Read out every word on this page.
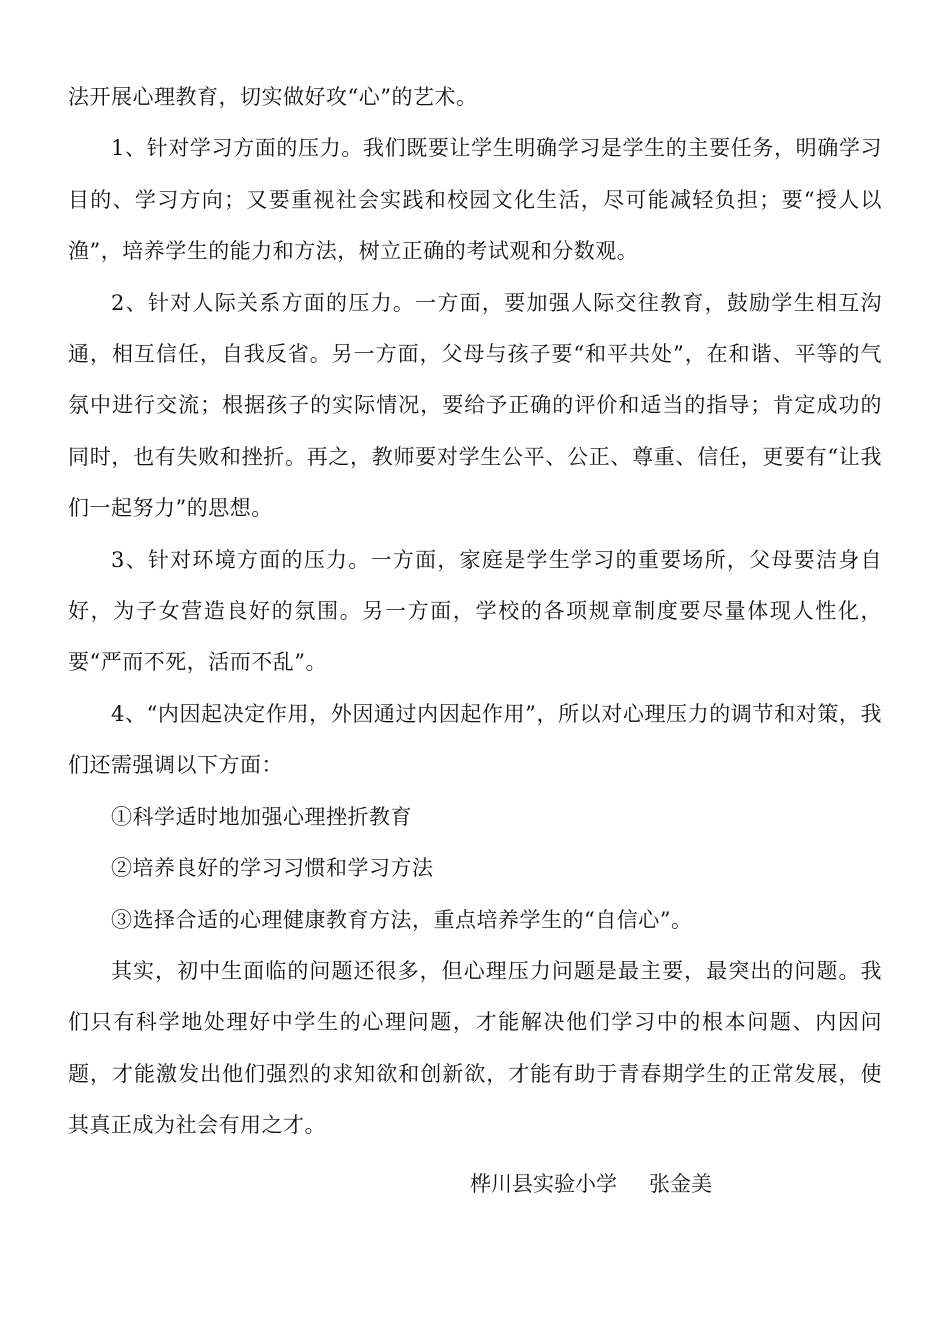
法开展心理教育，切实做好攻“心”的艺术。

1、针对学习方面的压力。我们既要让学生明确学习是学生的主要任务，明确学习目的、学习方向；又要重视社会实践和校园文化生活，尽可能减轻负担；要“授人以渔”，培养学生的能力和方法，树立正确的考试观和分数观。

2、针对人际关系方面的压力。一方面，要加强人际交往教育，鼓励学生相互沟通，相互信任，自我反省。另一方面，父母与孩子要“和平共处”，在和谐、平等的气氛中进行交流；根据孩子的实际情况，要给予正确的评价和适当的指导；肯定成功的同时，也有失败和挫折。再之，教师要对学生公平、公正、尊重、信任，更要有“让我们一起努力”的思想。

3、针对环境方面的压力。一方面，家庭是学生学习的重要场所，父母要洁身自好，为子女营造良好的氛围。另一方面，学校的各项规章制度要尽量体现人性化，要“严而不死，活而不乱”。

4、“内因起决定作用，外因通过内因起作用”，所以对心理压力的调节和对策，我们还需强调以下方面：

①科学适时地加强心理挫折教育

②培养良好的学习习惯和学习方法

③选择合适的心理健康教育方法，重点培养学生的“自信心”。

其实，初中生面临的问题还很多，但心理压力问题是最主要，最突出的问题。我们只有科学地处理好中学生的心理问题，才能解决他们学习中的根本问题、内因问题，才能激发出他们强烈的求知欲和创新欲，才能有助于青春期学生的正常发展，使其真正成为社会有用之才。

桦川县实验小学 张金美
